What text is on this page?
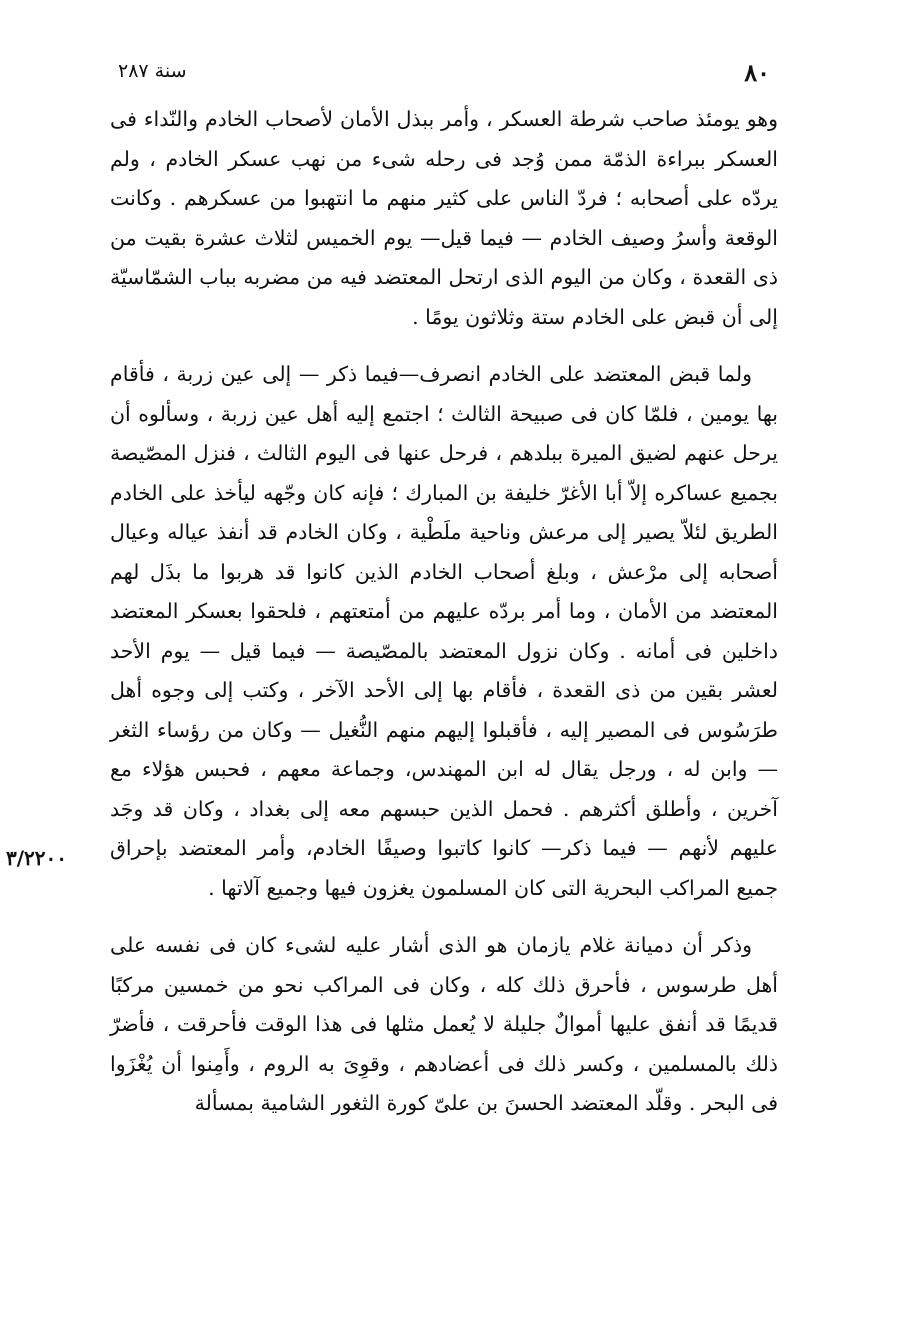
٨٠
سنة ٢٨٧

وهو يومئذ صاحب شرطة العسكر ، وأمر ببذل الأمان لأصحاب الخادم والنّداء فى العسكر ببراءة الذمّة ممن وُجد فى رحله شىء من نهب عسكر الخادم ، ولم يردّه على أصحابه ؛ فردّ الناس على كثير منهم ما انتهبوا من عسكرهم . وكانت الوقعة وأسرُ وصيف الخادم — فيما قيل— يوم الخميس لثلاث عشرة بقيت من ذى القعدة ، وكان من اليوم الذى ارتحل المعتضد فيه من مضربه بباب الشمّاسيّة إلى أن قبض على الخادم ستة وثلاثون يومًا .

ولما قبض المعتضد على الخادم انصرف—فيما ذكر — إلى عين زربة ، فأقام بها يومين ، فلمّا كان فى صبيحة الثالث ؛ اجتمع إليه أهل عين زربة ، وسألوه أن يرحل عنهم لضيق الميرة ببلدهم ، فرحل عنها فى اليوم الثالث ، فنزل المصّيصة بجميع عساكره إلاّ أبا الأغرّ خليفة بن المبارك ؛ فإنه كان وجّهه ليأخذ على الخادم الطريق لئلاّ يصير إلى مرعش وناحية ملَطْية ، وكان الخادم قد أنفذ عياله وعيال أصحابه إلى مرْعش ، وبلغ أصحاب الخادم الذين كانوا قد هربوا ما بذَل لهم المعتضد من الأمان ، وما أمر بردّه عليهم من أمتعتهم ، فلحقوا بعسكر المعتضد داخلين فى أمانه . وكان نزول المعتضد بالمصّيصة — فيما قيل — يوم الأحد لعشر بقين من ذى القعدة ، فأقام بها إلى الأحد الآخر ، وكتب إلى وجوه أهل طرَسُوس فى المصير إليه ، فأقبلوا إليهم منهم النُّغيل — وكان من رؤساء الثغر — وابن له ، ورجل يقال له ابن المهندس، وجماعة معهم ، فحبس هؤلاء مع آخرين ، وأطلق أكثرهم . فحمل الذين حبسهم معه إلى بغداد ، وكان قد وجَد عليهم لأنهم — فيما ذكر— كانوا كاتبوا وصيفًا الخادم، وأمر المعتضد بإحراق جميع المراكب البحرية التى كان المسلمون يغزون فيها وجميع آلاتها .

وذكر أن دميانة غلام يازمان هو الذى أشار عليه لشىء كان فى نفسه على أهل طرسوس ، فأحرق ذلك كله ، وكان فى المراكب نحو من خمسين مركبًا قديمًا قد أنفق عليها أموالٌ جليلة لا يُعمل مثلها فى هذا الوقت فأحرقت ، فأضرّ ذلك بالمسلمين ، وكسر ذلك فى أعضادهم ، وقوِىَ به الروم ، وأَمِنوا أن يُغْزَوا فى البحر . وقلّد المعتضد الحسنَ بن علىّ كورة الثغور الشامية بمسألة

٣/٢٢٠٠
